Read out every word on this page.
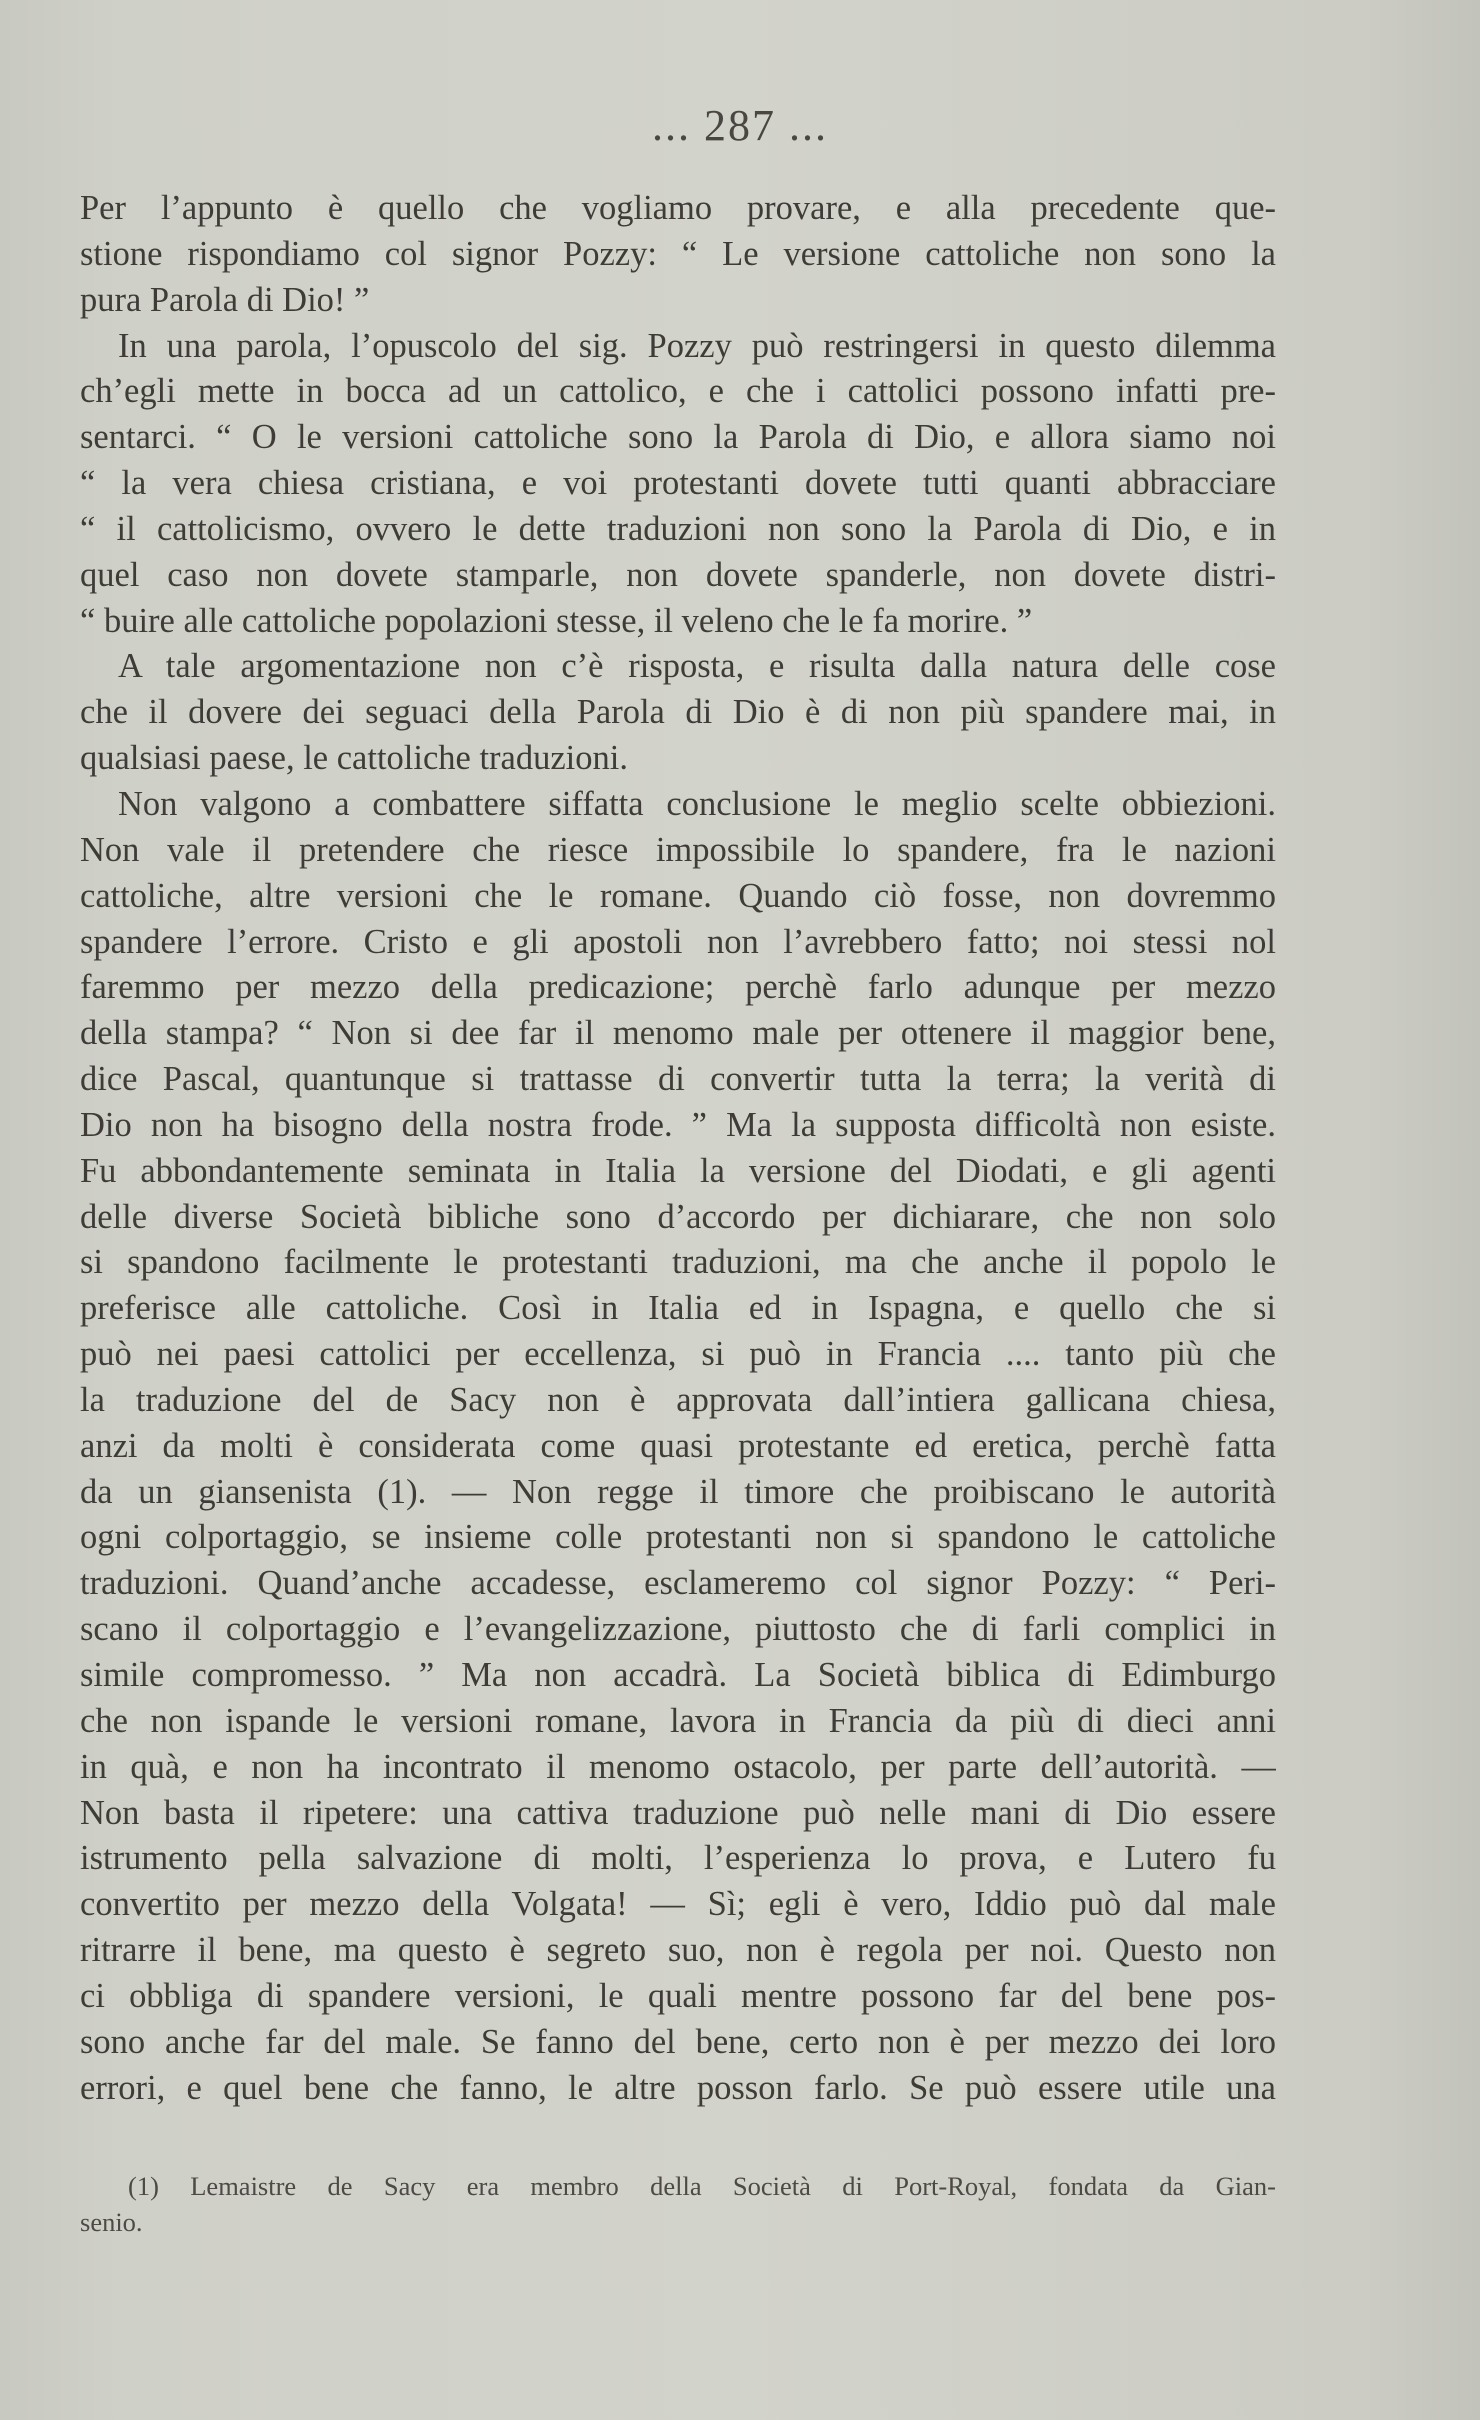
... 287 ...
Per l’appunto è quello che vogliamo provare, e alla precedente que-
stione rispondiamo col signor Pozzy: “ Le versione cattoliche non sono la
pura Parola di Dio! ”
In una parola, l’opuscolo del sig. Pozzy può restringersi in questo dilemma
ch’egli mette in bocca ad un cattolico, e che i cattolici possono infatti pre-
sentarci. “ O le versioni cattoliche sono la Parola di Dio, e allora siamo noi
“ la vera chiesa cristiana, e voi protestanti dovete tutti quanti abbracciare
“ il cattolicismo, ovvero le dette traduzioni non sono la Parola di Dio, e in
quel caso non dovete stamparle, non dovete spanderle, non dovete distri-
“ buire alle cattoliche popolazioni stesse, il veleno che le fa morire. ”
A tale argomentazione non c’è risposta, e risulta dalla natura delle cose
che il dovere dei seguaci della Parola di Dio è di non più spandere mai, in
qualsiasi paese, le cattoliche traduzioni.
Non valgono a combattere siffatta conclusione le meglio scelte obbiezioni.
Non vale il pretendere che riesce impossibile lo spandere, fra le nazioni
cattoliche, altre versioni che le romane. Quando ciò fosse, non dovremmo
spandere l’errore. Cristo e gli apostoli non l’avrebbero fatto; noi stessi nol
faremmo per mezzo della predicazione; perchè farlo adunque per mezzo
della stampa? “ Non si dee far il menomo male per ottenere il maggior bene,
dice Pascal, quantunque si trattasse di convertir tutta la terra; la verità di
Dio non ha bisogno della nostra frode. ” Ma la supposta difficoltà non esiste.
Fu abbondantemente seminata in Italia la versione del Diodati, e gli agenti
delle diverse Società bibliche sono d’accordo per dichiarare, che non solo
si spandono facilmente le protestanti traduzioni, ma che anche il popolo le
preferisce alle cattoliche. Così in Italia ed in Ispagna, e quello che si
può nei paesi cattolici per eccellenza, si può in Francia .... tanto più che
la traduzione del de Sacy non è approvata dall’intiera gallicana chiesa,
anzi da molti è considerata come quasi protestante ed eretica, perchè fatta
da un giansenista (1). — Non regge il timore che proibiscano le autorità
ogni colportaggio, se insieme colle protestanti non si spandono le cattoliche
traduzioni. Quand’anche accadesse, esclameremo col signor Pozzy: “ Peri-
scano il colportaggio e l’evangelizzazione, piuttosto che di farli complici in
simile compromesso. ” Ma non accadrà. La Società biblica di Edimburgo
che non ispande le versioni romane, lavora in Francia da più di dieci anni
in quà, e non ha incontrato il menomo ostacolo, per parte dell’autorità. —
Non basta il ripetere: una cattiva traduzione può nelle mani di Dio essere
istrumento pella salvazione di molti, l’esperienza lo prova, e Lutero fu
convertito per mezzo della Volgata! — Sì; egli è vero, Iddio può dal male
ritrarre il bene, ma questo è segreto suo, non è regola per noi. Questo non
ci obbliga di spandere versioni, le quali mentre possono far del bene pos-
sono anche far del male. Se fanno del bene, certo non è per mezzo dei loro
errori, e quel bene che fanno, le altre posson farlo. Se può essere utile una
(1) Lemaistre de Sacy era membro della Società di Port-Royal, fondata da Gian-
senio.
